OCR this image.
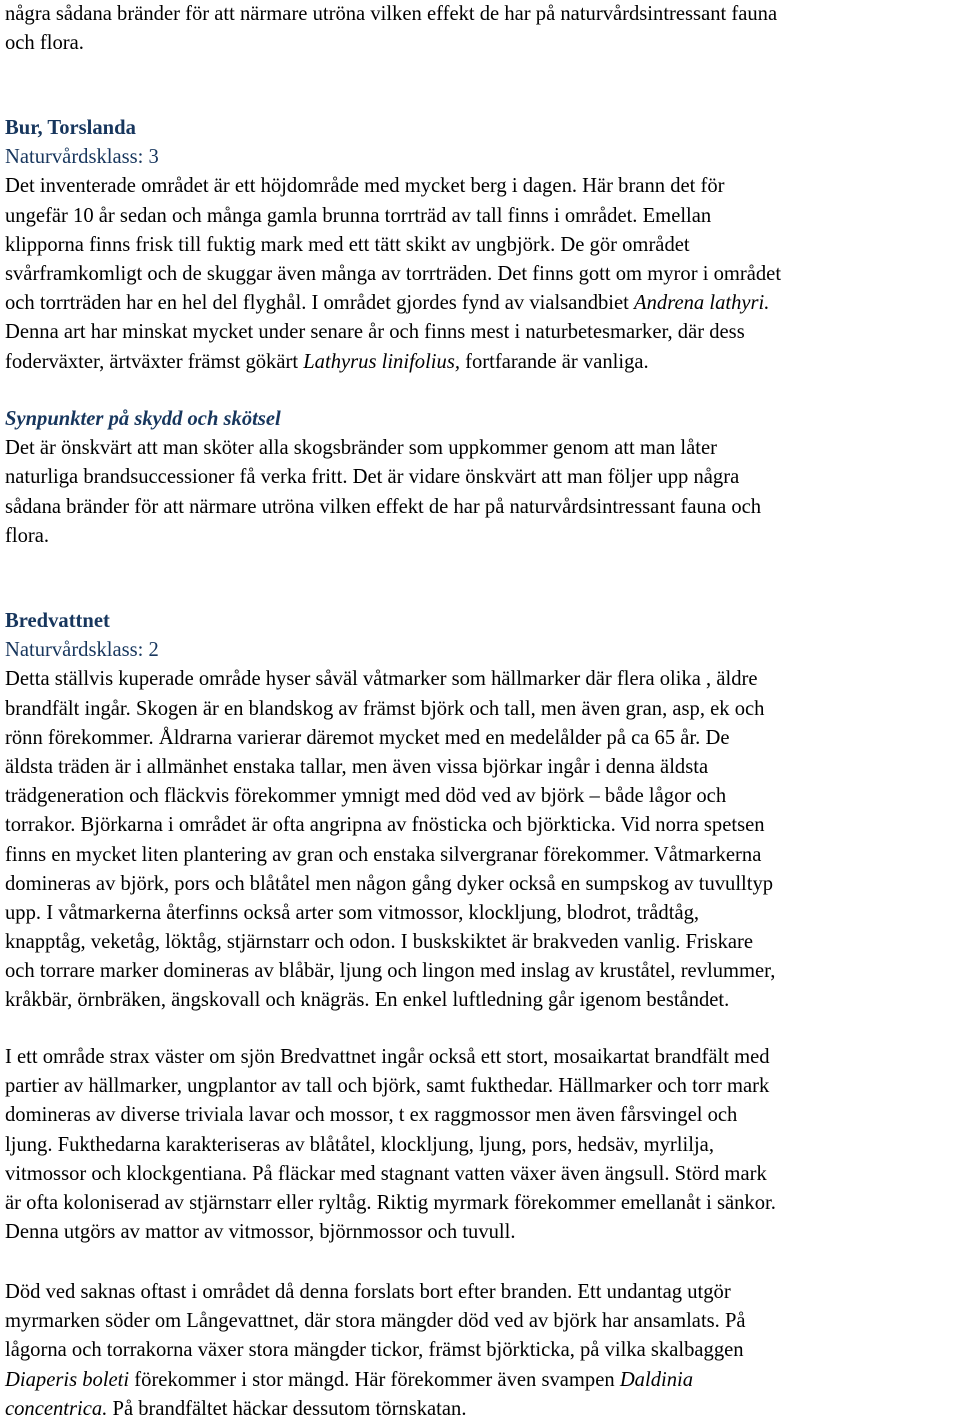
några sådana bränder för att närmare utröna vilken effekt de har på naturvårdsintressant fauna
och flora.
Bur, Torslanda
Naturvårdsklass: 3
Det inventerade området är ett höjdområde med mycket berg i dagen. Här brann det för
ungefär 10 år sedan och många gamla brunna torrträd av tall finns i området. Emellan
klipporna finns frisk till fuktig mark med ett tätt skikt av ungbjörk. De gör området
svårframkomligt och de skuggar även många av torrträden. Det finns gott om myror i området
och torrträden har en hel del flyghål. I området gjordes fynd av vialsandbiet Andrena lathyri.
Denna art har minskat mycket under senare år och finns mest i naturbetesmarker, där dess
foderväxter, ärtväxter främst gökärt Lathyrus linifolius, fortfarande är vanliga.
Synpunkter på skydd och skötsel
Det är önskvärt att man sköter alla skogsbränder som uppkommer genom att man låter
naturliga brandsuccessioner få verka fritt. Det är vidare önskvärt att man följer upp några
sådana bränder för att närmare utröna vilken effekt de har på naturvårdsintressant fauna och
flora.
Bredvattnet
Naturvårdsklass: 2
Detta ställvis kuperade område hyser såväl våtmarker som hällmarker där flera olika , äldre
brandfält ingår. Skogen är en blandskog av främst björk och tall, men även gran, asp, ek och
rönn förekommer. Åldrarna varierar däremot mycket med en medelålder på ca 65 år. De
äldsta träden är i allmänhet enstaka tallar, men även vissa björkar ingår i denna äldsta
trädgeneration och fläckvis förekommer ymnigt med död ved av björk – både lågor och
torrakor. Björkarna i området är ofta angripna av fnösticka och björkticka. Vid norra spetsen
finns en mycket liten plantering av gran och enstaka silvergranar förekommer. Våtmarkerna
domineras av björk, pors och blåtåtel men någon gång dyker också en sumpskog av tuvulltyp
upp. I våtmarkerna återfinns också arter som vitmossor, klockljung, blodrot, trådtåg,
knapptåg, veketåg, löktåg, stjärnstarr och odon. I buskskiktet är brakveden vanlig. Friskare
och torrare marker domineras av blåbär, ljung och lingon med inslag av kruståtel, revlummer,
kråkbär, örnbräken, ängskovall och knägräs. En enkel luftledning går igenom beståndet.
I ett område strax väster om sjön Bredvattnet ingår också ett stort, mosaikartat brandfält med
partier av hällmarker, ungplantor av tall och björk, samt fukthedar. Hällmarker och torr mark
domineras av diverse triviala lavar och mossor, t ex raggmossor men även fårsvingel och
ljung. Fukthedarna karakteriseras av blåtåtel, klockljung, ljung, pors, hedsäv, myrlilja,
vitmossor och klockgentiana. På fläckar med stagnant vatten växer även ängsull. Störd mark
är ofta koloniserad av stjärnstarr eller ryltåg. Riktig myrmark förekommer emellanåt i sänkor.
Denna utgörs av mattor av vitmossor, björnmossor och tuvull.
Död ved saknas oftast i området då denna forslats bort efter branden. Ett undantag utgör
myrmarken söder om Långevattnet, där stora mängder död ved av björk har ansamlats. På
lågorna och torrakorna växer stora mängder tickor, främst björkticka, på vilka skalbaggen
Diaperis boleti förekommer i stor mängd. Här förekommer även svampen Daldinia
concentrica. På brandfältet häckar dessutom törnskatan.
